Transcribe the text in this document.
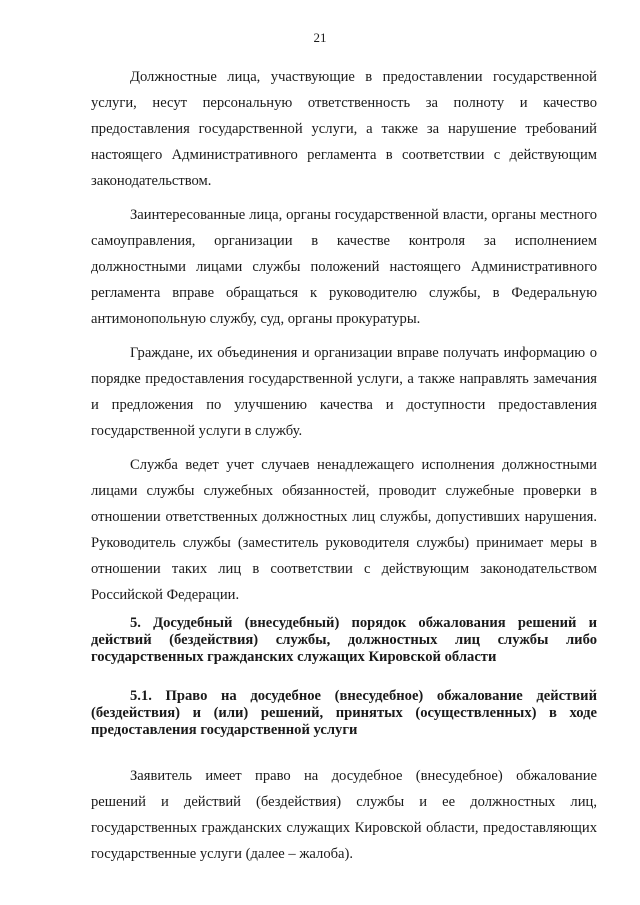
21

Должностные лица, участвующие в предоставлении государственной услуги, несут персональную ответственность за полноту и качество предоставления государственной услуги, а также за нарушение требований настоящего Административного регламента в соответствии с действующим законодательством.

Заинтересованные лица, органы государственной власти, органы местного самоуправления, организации в качестве контроля за исполнением должностными лицами службы положений настоящего Административного регламента вправе обращаться к руководителю службы, в Федеральную антимонопольную службу, суд, органы прокуратуры.

Граждане, их объединения и организации вправе получать информацию о порядке предоставления государственной услуги, а также направлять замечания и предложения по улучшению качества и доступности предоставления государственной услуги в службу.

Служба ведет учет случаев ненадлежащего исполнения должностными лицами службы служебных обязанностей, проводит служебные проверки в отношении ответственных должностных лиц службы, допустивших нарушения. Руководитель службы (заместитель руководителя службы) принимает меры в отношении таких лиц в соответствии с действующим законодательством Российской Федерации.

5. Досудебный (внесудебный) порядок обжалования решений и действий (бездействия) службы, должностных лиц службы либо государственных гражданских служащих Кировской области

5.1. Право на досудебное (внесудебное) обжалование действий (бездействия) и (или) решений, принятых (осуществленных) в ходе предоставления государственной услуги

Заявитель имеет право на досудебное (внесудебное) обжалование решений и действий (бездействия) службы и ее должностных лиц, государственных гражданских служащих Кировской области, предоставляющих государственные услуги (далее – жалоба).
